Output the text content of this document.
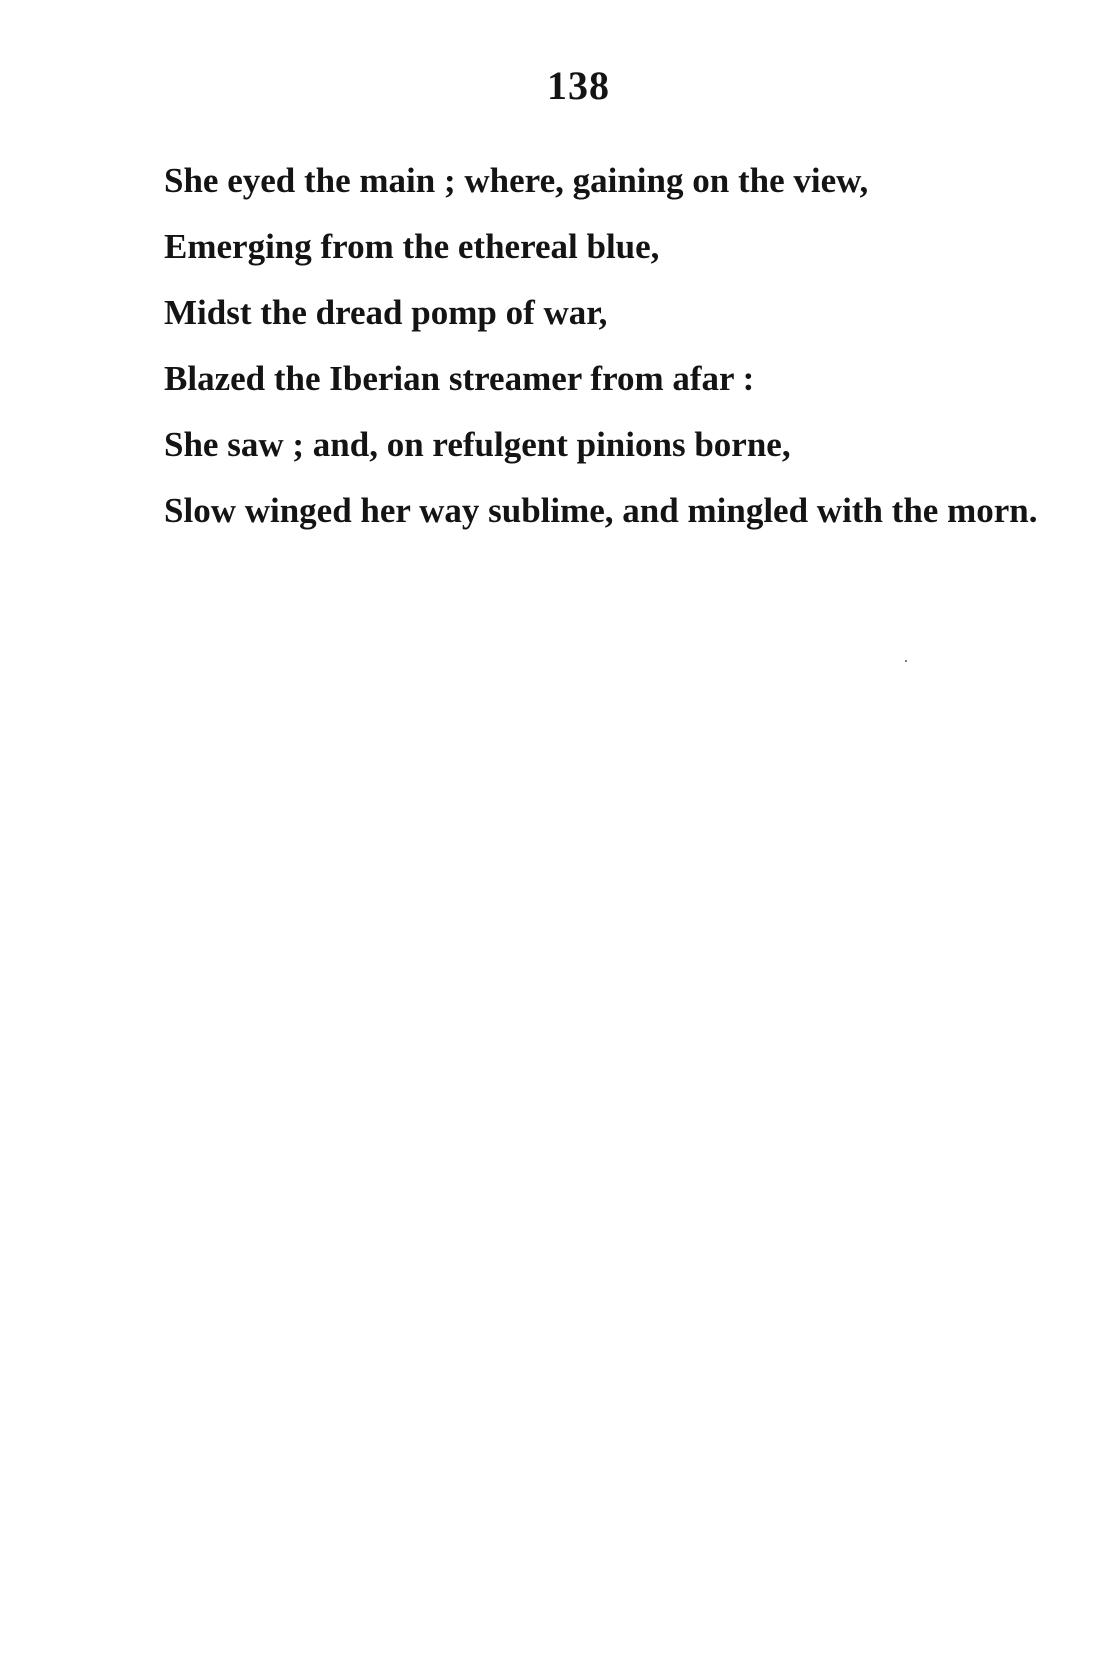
138
She eyed the main ; where, gaining on the view,
Emerging from the ethereal blue,
Midst the dread pomp of war,
Blazed the Iberian streamer from afar :
She saw ; and, on refulgent pinions borne,
Slow winged her way sublime, and mingled with the morn.
